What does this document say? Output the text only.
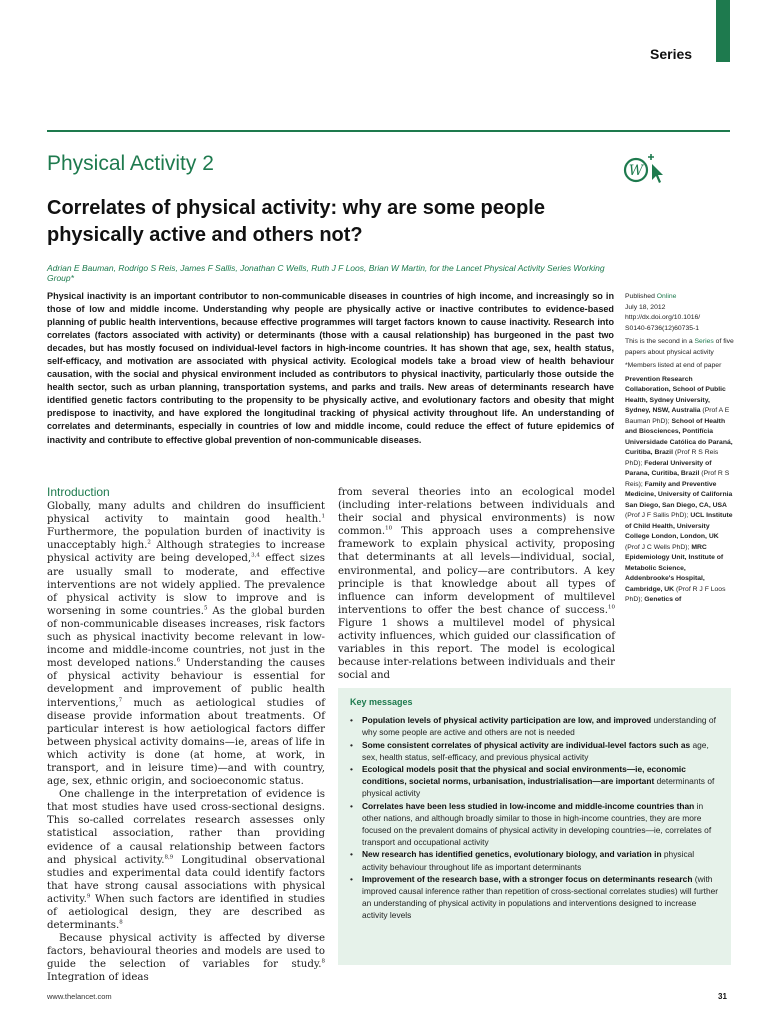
Series
Physical Activity 2	W
Correlates of physical activity: why are some people physically active and others not?
Adrian E Bauman, Rodrigo S Reis, James F Sallis, Jonathan C Wells, Ruth J F Loos, Brian W Martin, for the Lancet Physical Activity Series Working Group*

Physical inactivity is an important contributor to non-communicable diseases in countries of high income, and increasingly so in those of low and middle income. Understanding why people are physically active or inactive contributes to evidence-based planning of public health interventions, because effective programmes will target factors known to cause inactivity. Research into correlates (factors associated with activity) or determinants (those with a causal relationship) has burgeoned in the past two decades, but has mostly focused on individual-level factors in high-income countries. It has shown that age, sex, health status, self-efficacy, and motivation are associated with physical activity. Ecological models take a broad view of health behaviour causation, with the social and physical environment included as contributors to physical inactivity, particularly those outside the health sector, such as urban planning, transportation systems, and parks and trails. New areas of determinants research have identified genetic factors contributing to the propensity to be physically active, and evolutionary factors and obesity that might predispose to inactivity, and have explored the longitudinal tracking of physical activity throughout life. An understanding of correlates and determinants, especially in countries of low and middle income, could reduce the effect of future epidemics of inactivity and contribute to effective global prevention of non-communicable diseases.

Published Online
July 18, 2012
http://dx.doi.org/10.1016/
S0140-6736(12)60735-1

This is the second in a Series of five papers about physical activity

*Members listed at end of paper

Prevention Research Collaboration, School of Public Health, Sydney University, Sydney, NSW, Australia (Prof A E Bauman PhD); School of Health and Biosciences, Pontifícia Universidade Católica do Paraná, Curitiba, Brazil (Prof R S Reis PhD); Federal University of Parana, Curitiba, Brazil (Prof R S Reis); Family and Preventive Medicine, University of California San Diego, San Diego, CA, USA (Prof J F Sallis PhD); UCL Institute of Child Health, University College London, London, UK (Prof J C Wells PhD); MRC Epidemiology Unit, Institute of Metabolic Science, Addenbrooke's Hospital, Cambridge, UK (Prof R J F Loos PhD); Genetics of

Introduction

Globally, many adults and children do insufficient physical activity to maintain good health.$^1$ Furthermore, the population burden of inactivity is unacceptably high.$^2$ Although strategies to increase physical activity are being developed,$^{3,4}$ effect sizes are usually small to moderate, and effective interventions are not widely applied. The prevalence of physical activity is slow to improve and is worsening in some countries.$^5$ As the global burden of non-communicable diseases increases, risk factors such as physical inactivity become relevant in low-income and middle-income countries, not just in the most developed nations.$^6$ Understanding the causes of physical activity behaviour is essential for development and improvement of public health interventions,$^7$ much as aetiological studies of disease provide information about treatments. Of particular interest is how aetiological factors differ between physical activity domains—ie, areas of life in which activity is done (at home, at work, in transport, and in leisure time)—and with country, age, sex, ethnic origin, and socioeconomic status.

One challenge in the interpretation of evidence is that most studies have used cross-sectional designs. This so-called correlates research assesses only statistical association, rather than providing evidence of a causal relationship between factors and physical activity.$^{8,9}$ Longitudinal observational studies and experimental data could identify factors that have strong causal associations with physical activity.$^9$ When such factors are identified in studies of aetiological design, they are described as determinants.$^8$

Because physical activity is affected by diverse factors, behavioural theories and models are used to guide the selection of variables for study.$^8$ Integration of ideas

from several theories into an ecological model (including inter-relations between individuals and their social and physical environments) is now common.$^{10}$ This approach uses a comprehensive framework to explain physical activity, proposing that determinants at all levels—individual, social, environmental, and policy—are contributors. A key principle is that knowledge about all types of influence can inform development of multilevel interventions to offer the best chance of success.$^{10}$ Figure 1 shows a multilevel model of physical activity influences, which guided our classification of variables in this report. The model is ecological because inter-relations between individuals and their social and

Key messages
• Population levels of physical activity participation are low, and improved understanding of why some people are active and others are not is needed
• Some consistent correlates of physical activity are individual-level factors such as age, sex, health status, self-efficacy, and previous physical activity
• Ecological models posit that the physical and social environments—ie, economic conditions, societal norms, urbanisation, industrialisation—are important determinants of physical activity
• Correlates have been less studied in low-income and middle-income countries than in other nations, and although broadly similar to those in high-income countries, they are more focused on the prevalent domains of physical activity in developing countries—ie, correlates of transport and occupational activity
• New research has identified genetics, evolutionary biology, and variation in physical activity behaviour throughout life as important determinants
• Improvement of the research base, with a stronger focus on determinants research (with improved causal inference rather than repetition of cross-sectional correlates studies) will further an understanding of physical activity in populations and interventions designed to increase activity levels
www.thelancet.com	31
